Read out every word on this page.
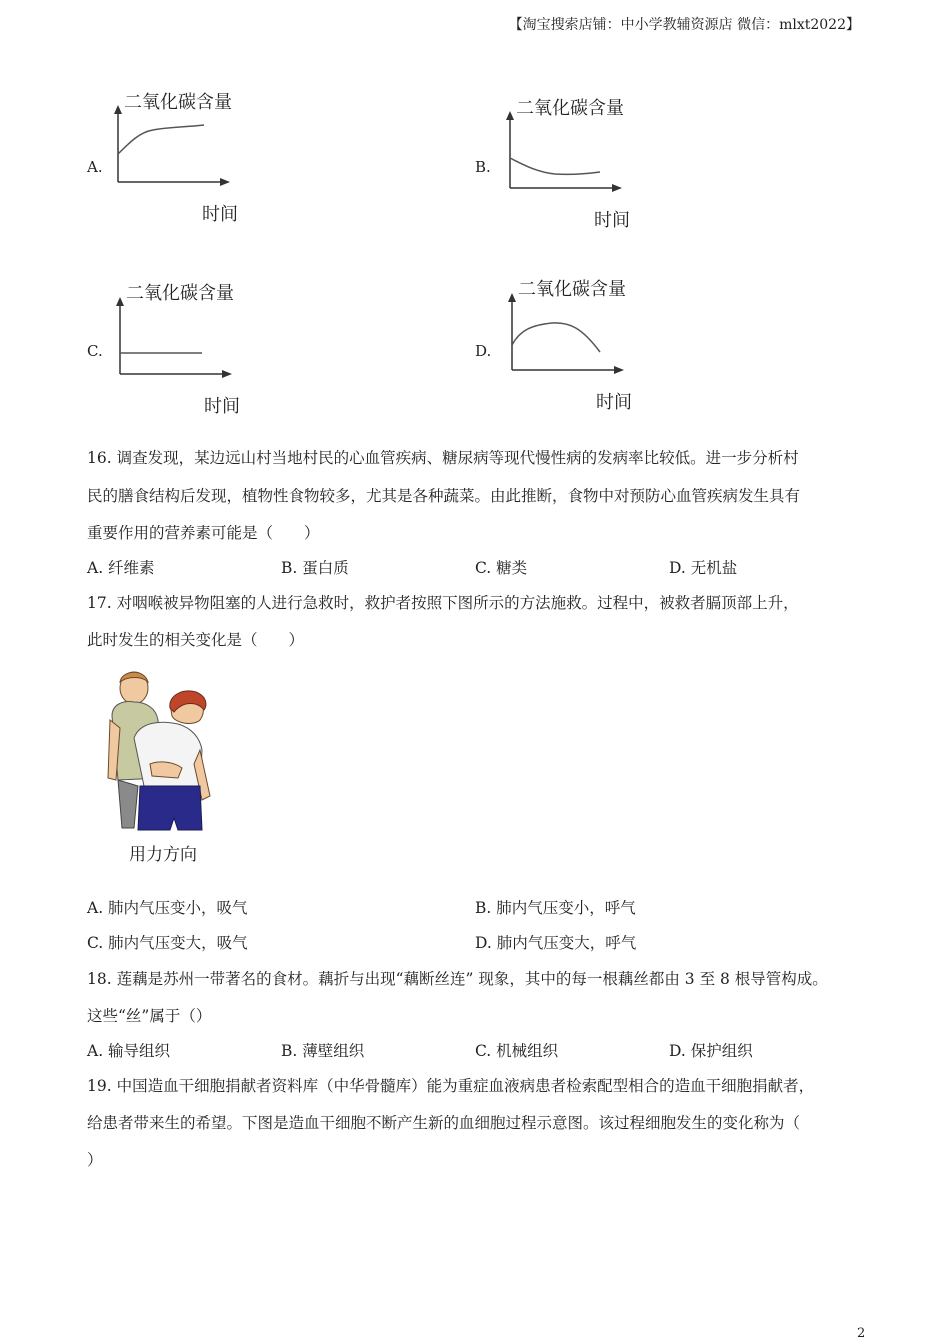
【淘宝搜索店铺：中小学教辅资源店 微信：mlxt2022】
A.
二氧化碳含量
时间
B.
二氧化碳含量
时间
C.
二氧化碳含量
时间
D.
二氧化碳含量
时间
16. 调查发现，某边远山村当地村民的心血管疾病、糖尿病等现代慢性病的发病率比较低。进一步分析村
民的膳食结构后发现，植物性食物较多，尤其是各种蔬菜。由此推断，食物中对预防心血管疾病发生具有
重要作用的营养素可能是（　　）
A. 纤维素	B. 蛋白质	C. 糖类	D. 无机盐
17. 对咽喉被异物阻塞的人进行急救时，救护者按照下图所示的方法施救。过程中，被救者膈顶部上升，
此时发生的相关变化是（　　）
用力方向
A. 肺内气压变小，吸气	B. 肺内气压变小，呼气
C. 肺内气压变大，吸气	D. 肺内气压变大，呼气
18. 莲藕是苏州一带著名的食材。藕折与出现“藕断丝连” 现象，其中的每一根藕丝都由 3 至 8 根导管构成。
这些“丝”属于（）
A. 输导组织	B. 薄壁组织	C. 机械组织	D. 保护组织
19. 中国造血干细胞捐献者资料库（中华骨髓库）能为重症血液病患者检索配型相合的造血干细胞捐献者，
给患者带来生的希望。下图是造血干细胞不断产生新的血细胞过程示意图。该过程细胞发生的变化称为（
）
2
